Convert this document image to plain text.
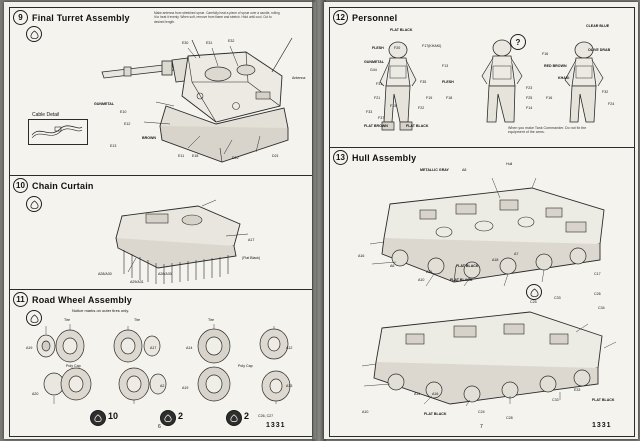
9	Final Turret Assembly	Make antenna from stretched sprue. Carefully heat a piece of sprue over a candle, rolling it to heat it evenly. When soft, remove from flame and stretch. Hold until cool. Cut to desired length.
Cable Detail
E30	E31	E32
Antenna
GUNMETAL
E10
E12
BROWN
E13
E11 E18	D22	D21
10 Chain Curtain
A28/A30
A29/A31
A28/A30
A17
(Flat Black)
11 Road Wheel Assembly
Notice marks on outer tires only.
Tire	Tire	Tire
A19	A17	A14	A12
Poly Cap	Poly Cap
A2
A20
A19	A13
C26, C27
10	2	2
6	1331
12 Personnel
?
FLAT BLACK
FLESH	F20	F17(KHAKI)
GUNMETAL
G44
F13
F31	FLESH
F21	F19	F18
F35
F15	F22
F33
F37
FLAT BROWN	FLAT BLACK
CLEAR BLUE
OLIVE DRAB
F16
RED BROWN
KHAKI
F23
F25	F16
F14
F32
F24
When you make Tank Commander. Do not fix the equipment of the arms.
13 Hull Assembly
Hull
METALLIC GRAY	A8
A16
A6
A11
A10	FLAT BLACK
FLAT BLACK
A18
A7
C17
C25
C33
C26
C34
A11	A16
E33
FLAT BLACK
C33
A10	FLAT BLACK	C24
C28
7	1331
